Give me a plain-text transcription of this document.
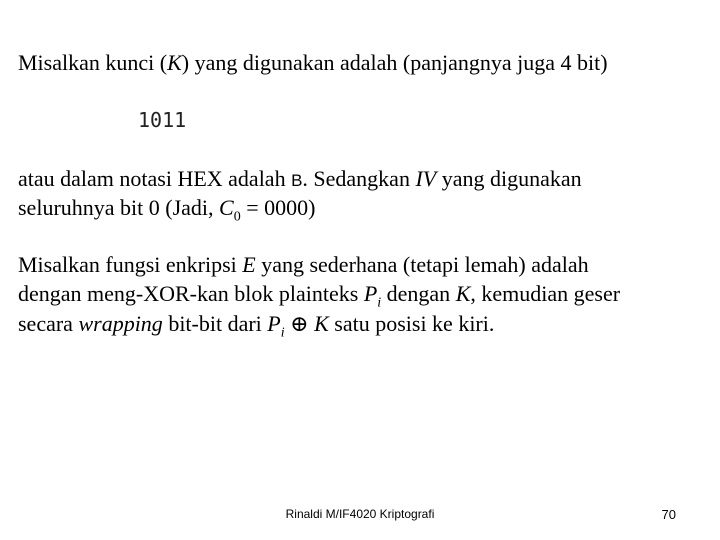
Misalkan kunci (K) yang digunakan adalah (panjangnya juga 4 bit)
1011
atau dalam notasi HEX adalah B. Sedangkan IV yang digunakan
seluruhnya bit 0 (Jadi, $C_0 = 0000$)
Misalkan fungsi enkripsi E yang sederhana (tetapi lemah) adalah
dengan meng-XOR-kan blok plainteks $P_i$ dengan K, kemudian geser
secara wrapping bit-bit dari $P_i$ ⊕ K satu posisi ke kiri.
Rinaldi M/IF4020 Kriptografi	70
